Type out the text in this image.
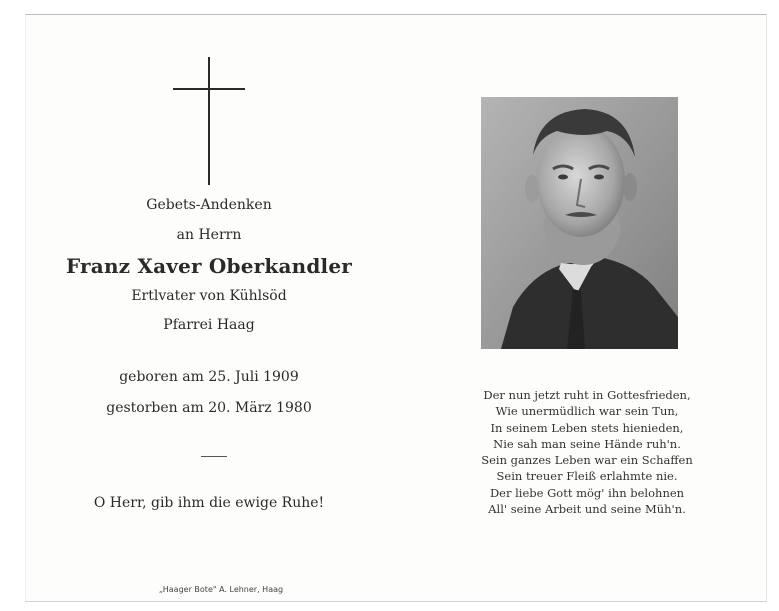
Gebets-Andenken
an Herrn
Franz Xaver Oberkandler
Ertlvater von Kühlsöd
Pfarrei Haag
geboren am 25. Juli 1909
gestorben am 20. März 1980
O Herr, gib ihm die ewige Ruhe!
Der nun jetzt ruht in Gottesfrieden,
Wie unermüdlich war sein Tun,
In seinem Leben stets hienieden,
Nie sah man seine Hände ruh'n.
Sein ganzes Leben war ein Schaffen
Sein treuer Fleiß erlahmte nie.
Der liebe Gott mög' ihn belohnen
All' seine Arbeit und seine Müh'n.
„Haager Bote" A. Lehner, Haag
